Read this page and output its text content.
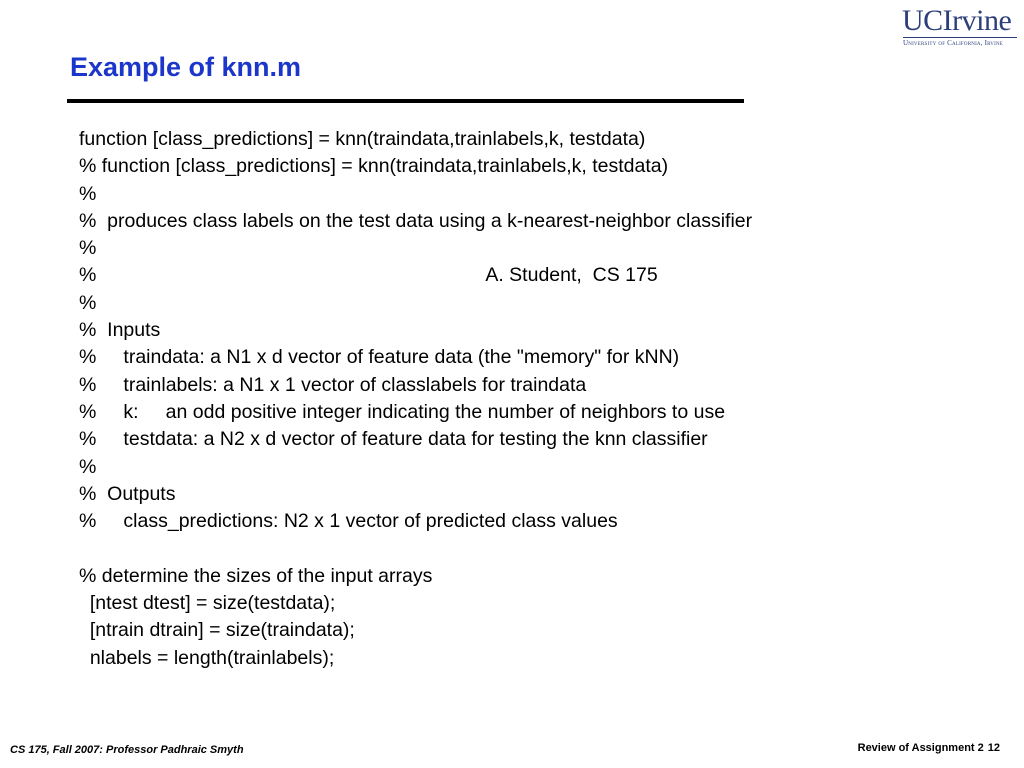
Example of knn.m
UCIrvine
University of California, Irvine
function [class_predictions] = knn(traindata,trainlabels,k, testdata)
% function [class_predictions] = knn(traindata,trainlabels,k, testdata)
%
%  produces class labels on the test data using a k-nearest-neighbor classifier
%
%                                                                        A. Student,  CS 175
%
%  Inputs
%     traindata: a N1 x d vector of feature data (the "memory" for kNN)
%     trainlabels: a N1 x 1 vector of classlabels for traindata
%     k:     an odd positive integer indicating the number of neighbors to use
%     testdata: a N2 x d vector of feature data for testing the knn classifier
%
%  Outputs
%     class_predictions: N2 x 1 vector of predicted class values
% determine the sizes of the input arrays
[ntest dtest] = size(testdata);
[ntrain dtrain] = size(traindata);
nlabels = length(trainlabels);
CS 175, Fall 2007: Professor Padhraic Smyth	Review of Assignment 2 12
